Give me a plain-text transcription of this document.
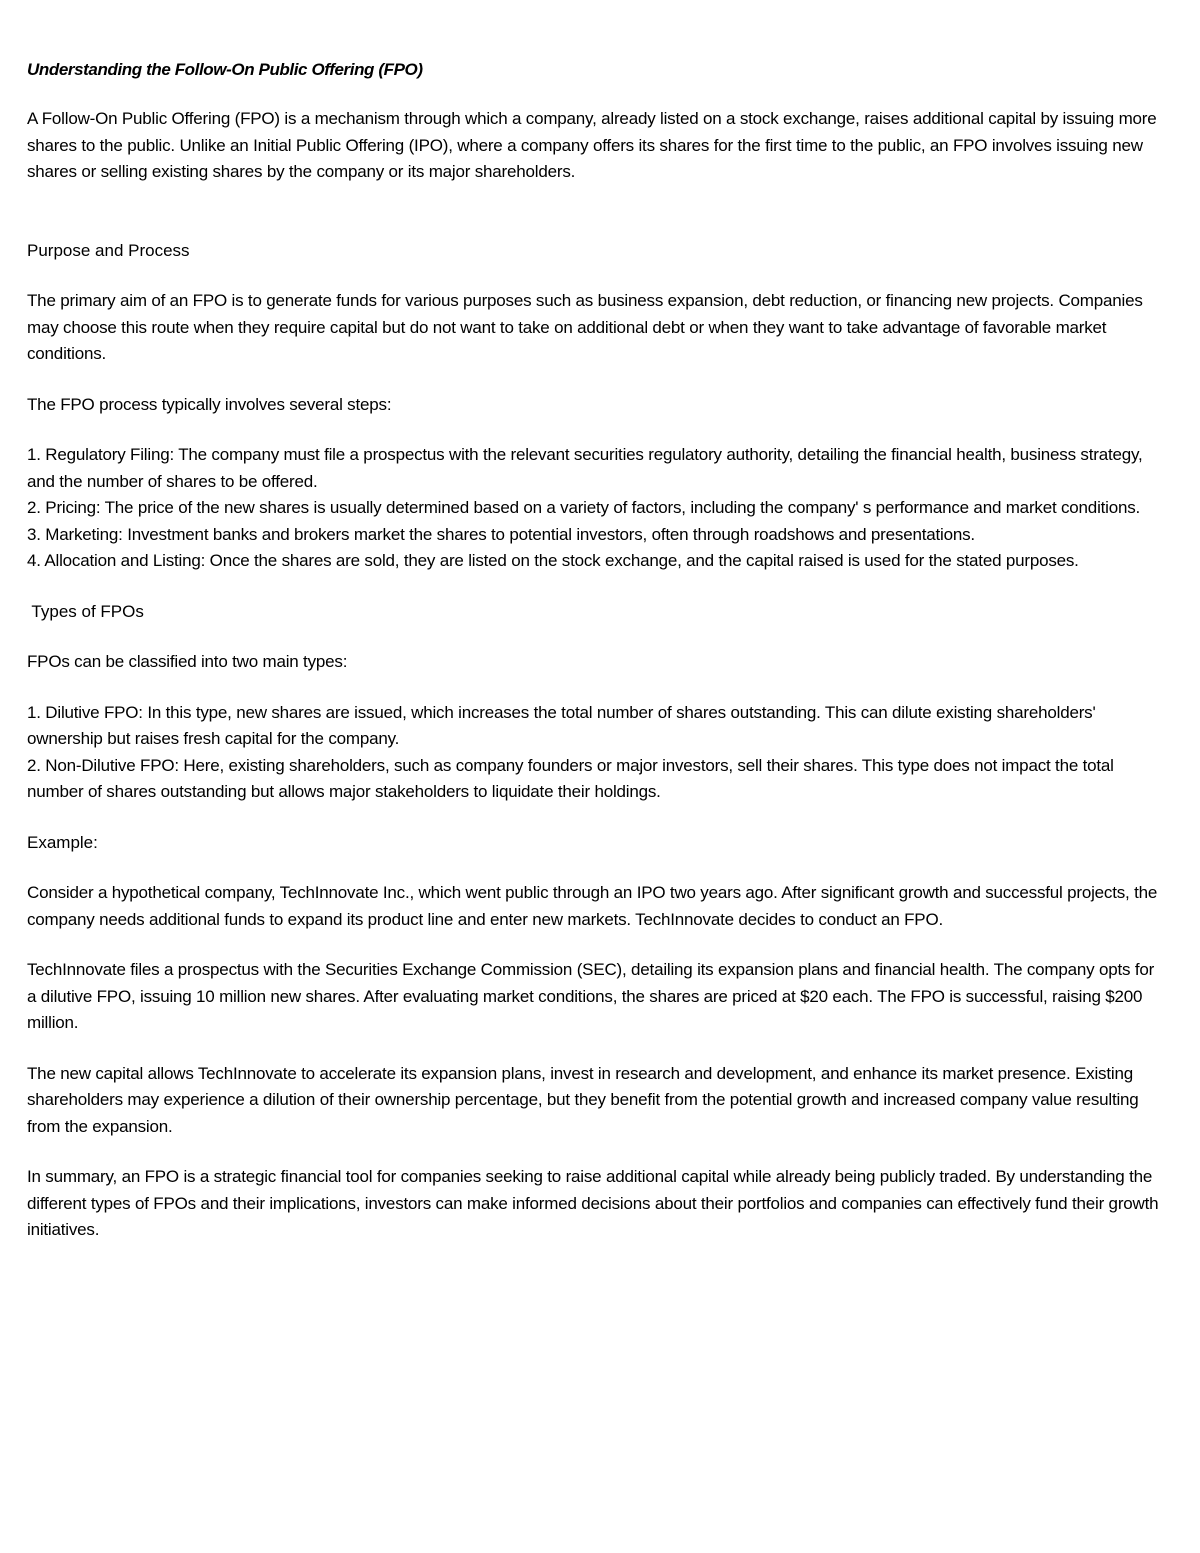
Understanding the Follow-On Public Offering (FPO)

A Follow-On Public Offering (FPO) is a mechanism through which a company, already listed on a stock exchange, raises additional capital by issuing more shares to the public. Unlike an Initial Public Offering (IPO), where a company offers its shares for the first time to the public, an FPO involves issuing new shares or selling existing shares by the company or its major shareholders.

Purpose and Process

The primary aim of an FPO is to generate funds for various purposes such as business expansion, debt reduction, or financing new projects. Companies may choose this route when they require capital but do not want to take on additional debt or when they want to take advantage of favorable market conditions.

The FPO process typically involves several steps:

1. Regulatory Filing: The company must file a prospectus with the relevant securities regulatory authority, detailing the financial health, business strategy, and the number of shares to be offered.

2. Pricing: The price of the new shares is usually determined based on a variety of factors, including the company' s performance and market conditions.

3. Marketing: Investment banks and brokers market the shares to potential investors, often through roadshows and presentations.

4. Allocation and Listing: Once the shares are sold, they are listed on the stock exchange, and the capital raised is used for the stated purposes.

Types of FPOs

FPOs can be classified into two main types:

1. Dilutive FPO: In this type, new shares are issued, which increases the total number of shares outstanding. This can dilute existing shareholders' ownership but raises fresh capital for the company.

2. Non-Dilutive FPO: Here, existing shareholders, such as company founders or major investors, sell their shares. This type does not impact the total number of shares outstanding but allows major stakeholders to liquidate their holdings.

Example:

Consider a hypothetical company, TechInnovate Inc., which went public through an IPO two years ago. After significant growth and successful projects, the company needs additional funds to expand its product line and enter new markets. TechInnovate decides to conduct an FPO.

TechInnovate files a prospectus with the Securities Exchange Commission (SEC), detailing its expansion plans and financial health. The company opts for a dilutive FPO, issuing 10 million new shares. After evaluating market conditions, the shares are priced at $20 each. The FPO is successful, raising $200 million.

The new capital allows TechInnovate to accelerate its expansion plans, invest in research and development, and enhance its market presence. Existing shareholders may experience a dilution of their ownership percentage, but they benefit from the potential growth and increased company value resulting from the expansion.

In summary, an FPO is a strategic financial tool for companies seeking to raise additional capital while already being publicly traded. By understanding the different types of FPOs and their implications, investors can make informed decisions about their portfolios and companies can effectively fund their growth initiatives.
